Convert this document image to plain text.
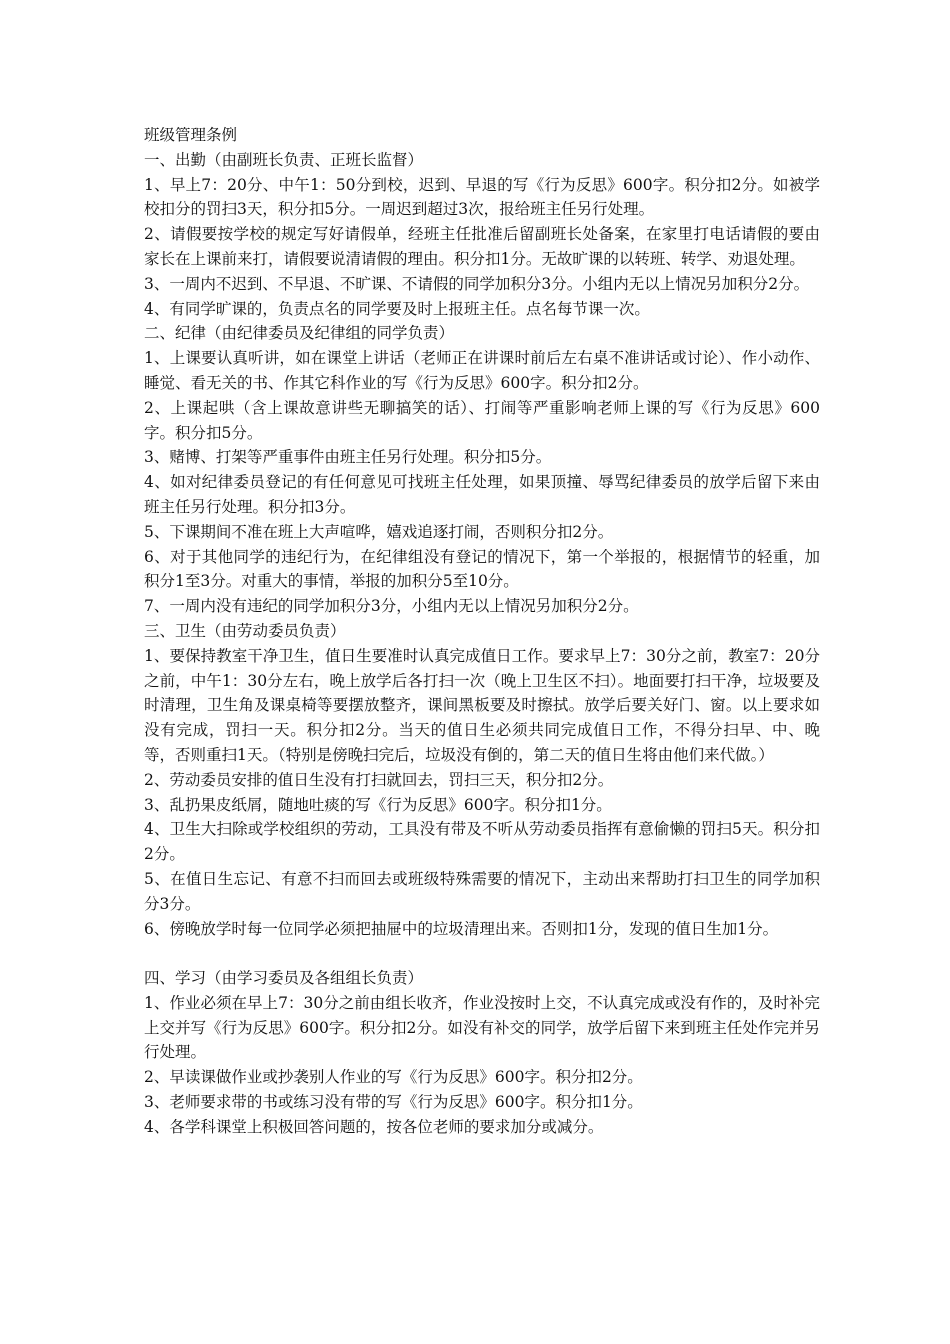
班级管理条例

一、出勤（由副班长负责、正班长监督）

1、早上7：20分、中午1：50分到校，迟到、早退的写《行为反思》600字。积分扣2分。如被学校扣分的罚扫3天，积分扣5分。一周迟到超过3次，报给班主任另行处理。

2、请假要按学校的规定写好请假单，经班主任批准后留副班长处备案，在家里打电话请假的要由家长在上课前来打，请假要说清请假的理由。积分扣1分。无故旷课的以转班、转学、劝退处理。

3、一周内不迟到、不早退、不旷课、不请假的同学加积分3分。小组内无以上情况另加积分2分。

4、有同学旷课的，负责点名的同学要及时上报班主任。点名每节课一次。

二、纪律（由纪律委员及纪律组的同学负责）

1、上课要认真听讲，如在课堂上讲话（老师正在讲课时前后左右桌不准讲话或讨论）、作小动作、睡觉、看无关的书、作其它科作业的写《行为反思》600字。积分扣2分。

2、上课起哄（含上课故意讲些无聊搞笑的话）、打闹等严重影响老师上课的写《行为反思》600字。积分扣5分。

3、赌博、打架等严重事件由班主任另行处理。积分扣5分。

4、如对纪律委员登记的有任何意见可找班主任处理，如果顶撞、辱骂纪律委员的放学后留下来由班主任另行处理。积分扣3分。

5、下课期间不准在班上大声喧哗，嬉戏追逐打闹，否则积分扣2分。

6、对于其他同学的违纪行为，在纪律组没有登记的情况下，第一个举报的，根据情节的轻重，加积分1至3分。对重大的事情，举报的加积分5至10分。

7、一周内没有违纪的同学加积分3分，小组内无以上情况另加积分2分。

三、卫生（由劳动委员负责）

1、要保持教室干净卫生，值日生要准时认真完成值日工作。要求早上7：30分之前，教室7：20分之前，中午1：30分左右，晚上放学后各打扫一次（晚上卫生区不扫）。地面要打扫干净，垃圾要及时清理，卫生角及课桌椅等要摆放整齐，课间黑板要及时擦拭。放学后要关好门、窗。以上要求如没有完成，罚扫一天。积分扣2分。当天的值日生必须共同完成值日工作，不得分扫早、中、晚等，否则重扫1天。（特别是傍晚扫完后，垃圾没有倒的，第二天的值日生将由他们来代做。）

2、劳动委员安排的值日生没有打扫就回去，罚扫三天，积分扣2分。

3、乱扔果皮纸屑，随地吐痰的写《行为反思》600字。积分扣1分。

4、卫生大扫除或学校组织的劳动，工具没有带及不听从劳动委员指挥有意偷懒的罚扫5天。积分扣2分。

5、在值日生忘记、有意不扫而回去或班级特殊需要的情况下，主动出来帮助打扫卫生的同学加积分3分。

6、傍晚放学时每一位同学必须把抽屉中的垃圾清理出来。否则扣1分，发现的值日生加1分。

四、学习（由学习委员及各组组长负责）

1、作业必须在早上7：30分之前由组长收齐，作业没按时上交，不认真完成或没有作的，及时补完上交并写《行为反思》600字。积分扣2分。如没有补交的同学，放学后留下来到班主任处作完并另行处理。

2、早读课做作业或抄袭别人作业的写《行为反思》600字。积分扣2分。

3、老师要求带的书或练习没有带的写《行为反思》600字。积分扣1分。

4、各学科课堂上积极回答问题的，按各位老师的要求加分或减分。
